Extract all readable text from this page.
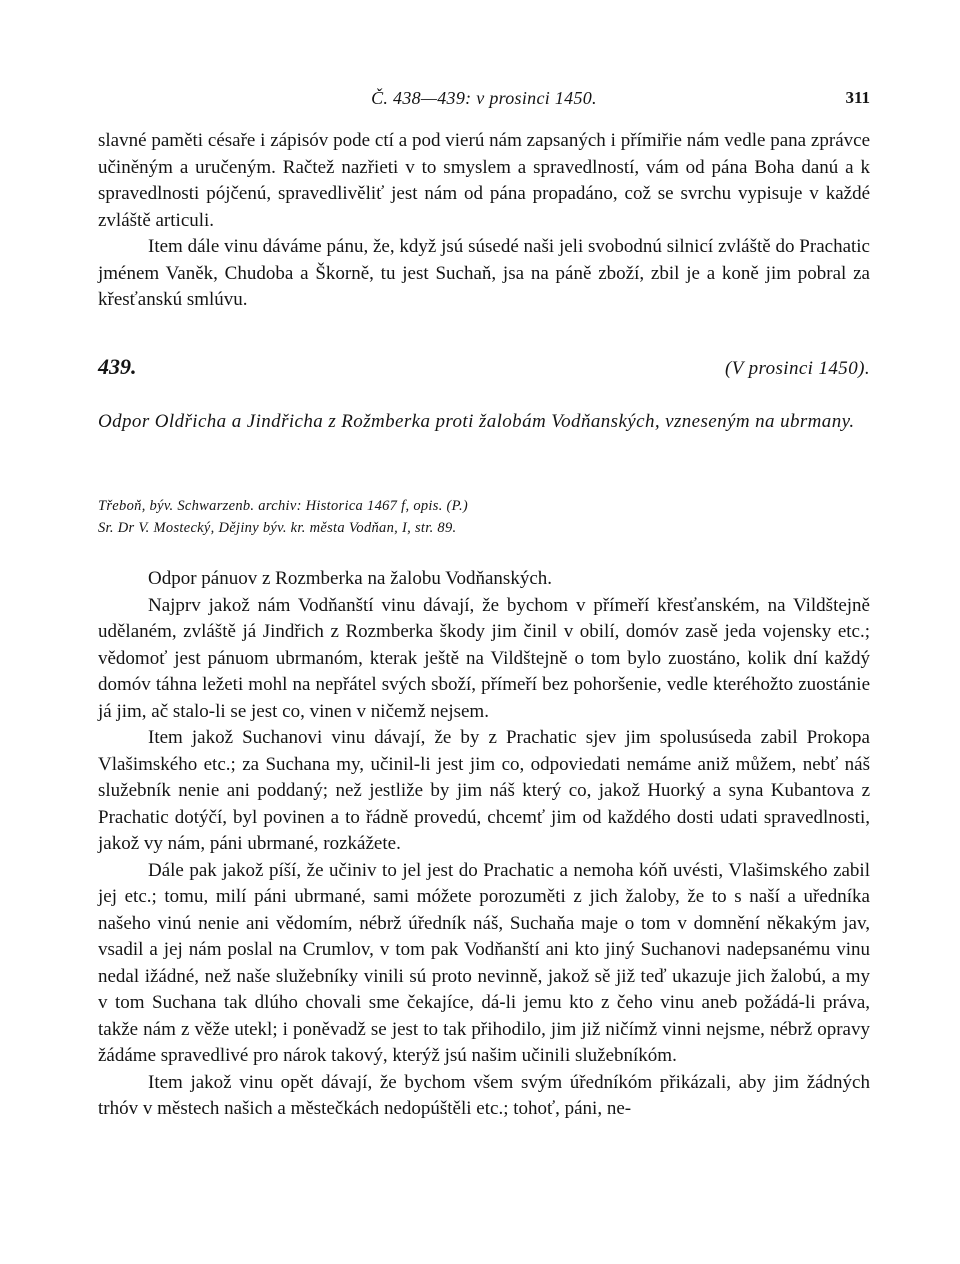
Č. 438—439: v prosinci 1450.	311

slavné paměti césaře i zápisóv pode ctí a pod vierú nám zapsaných i přímiřie nám vedle pana zprávce učiněným a uručeným. Račtež nazřieti v to smyslem a spravedlností, vám od pána Boha danú a k spravedlnosti pójčenú, spravedlivěliť jest nám od pána propadáno, což se svrchu vypisuje v každé zvláště articuli.

Item dále vinu dáváme pánu, že, když jsú súsedé naši jeli svobodnú silnicí zvláště do Prachatic jménem Vaněk, Chudoba a Škorně, tu jest Suchaň, jsa na páně zboží, zbil je a koně jim pobral za křesťanskú smlúvu.

439.	(V prosinci 1450).

Odpor Oldřicha a Jindřicha z Rožmberka proti žalobám Vodňanských, vzneseným na ubrmany.

Třeboň, býv. Schwarzenb. archiv: Historica 1467 f, opis. (P.)

Sr. Dr V. Mostecký, Dějiny býv. kr. města Vodňan, I, str. 89.

Odpor pánuov z Rozmberka na žalobu Vodňanských.

Najprv jakož nám Vodňanští vinu dávají, že bychom v přímeří křesťanském, na Vildštejně udělaném, zvláště já Jindřich z Rozmberka škody jim činil v obilí, domóv zasě jeda vojensky etc.; vědomoť jest pánuom ubrmanóm, kterak ještě na Vildštejně o tom bylo zuostáno, kolik dní každý domóv táhna ležeti mohl na nepřátel svých sboží, přímeří bez pohoršenie, vedle kteréhožto zuostánie já jim, ač stalo-li se jest co, vinen v ničemž nejsem.

Item jakož Suchanovi vinu dávají, že by z Prachatic sjev jim spolusúseda zabil Prokopa Vlašimského etc.; za Suchana my, učinil-li jest jim co, odpoviedati nemáme aniž můžem, nebť náš služebník nenie ani poddaný; než jestliže by jim náš který co, jakož Huorký a syna Kubantova z Prachatic dotýčí, byl povinen a to řádně provedú, chcemť jim od každého dosti udati spravedlnosti, jakož vy nám, páni ubrmané, rozkážete.

Dále pak jakož píší, že učiniv to jel jest do Prachatic a nemoha kóň uvésti, Vlašimského zabil jej etc.; tomu, milí páni ubrmané, sami móžete porozuměti z jich žaloby, že to s naší a uředníka našeho vinú nenie ani vědomím, nébrž úředník náš, Suchaňa maje o tom v domnění někakým jav, vsadil a jej nám poslal na Crumlov, v tom pak Vodňanští ani kto jiný Suchanovi nadepsanému vinu nedal ižádné, než naše služebníky vinili sú proto nevinně, jakož sě již teď ukazuje jich žalobú, a my v tom Suchana tak dlúho chovali sme čekajíce, dá-li jemu kto z čeho vinu aneb požádá-li práva, takže nám z věže utekl; i poněvadž se jest to tak přihodilo, jim již ničímž vinni nejsme, nébrž opravy žádáme spravedlivé pro nárok takový, kterýž jsú našim učinili služebníkóm.

Item jakož vinu opět dávají, že bychom všem svým úředníkóm přikázali, aby jim žádných trhóv v městech našich a městečkách nedopúštěli etc.; tohoť, páni, ne-
